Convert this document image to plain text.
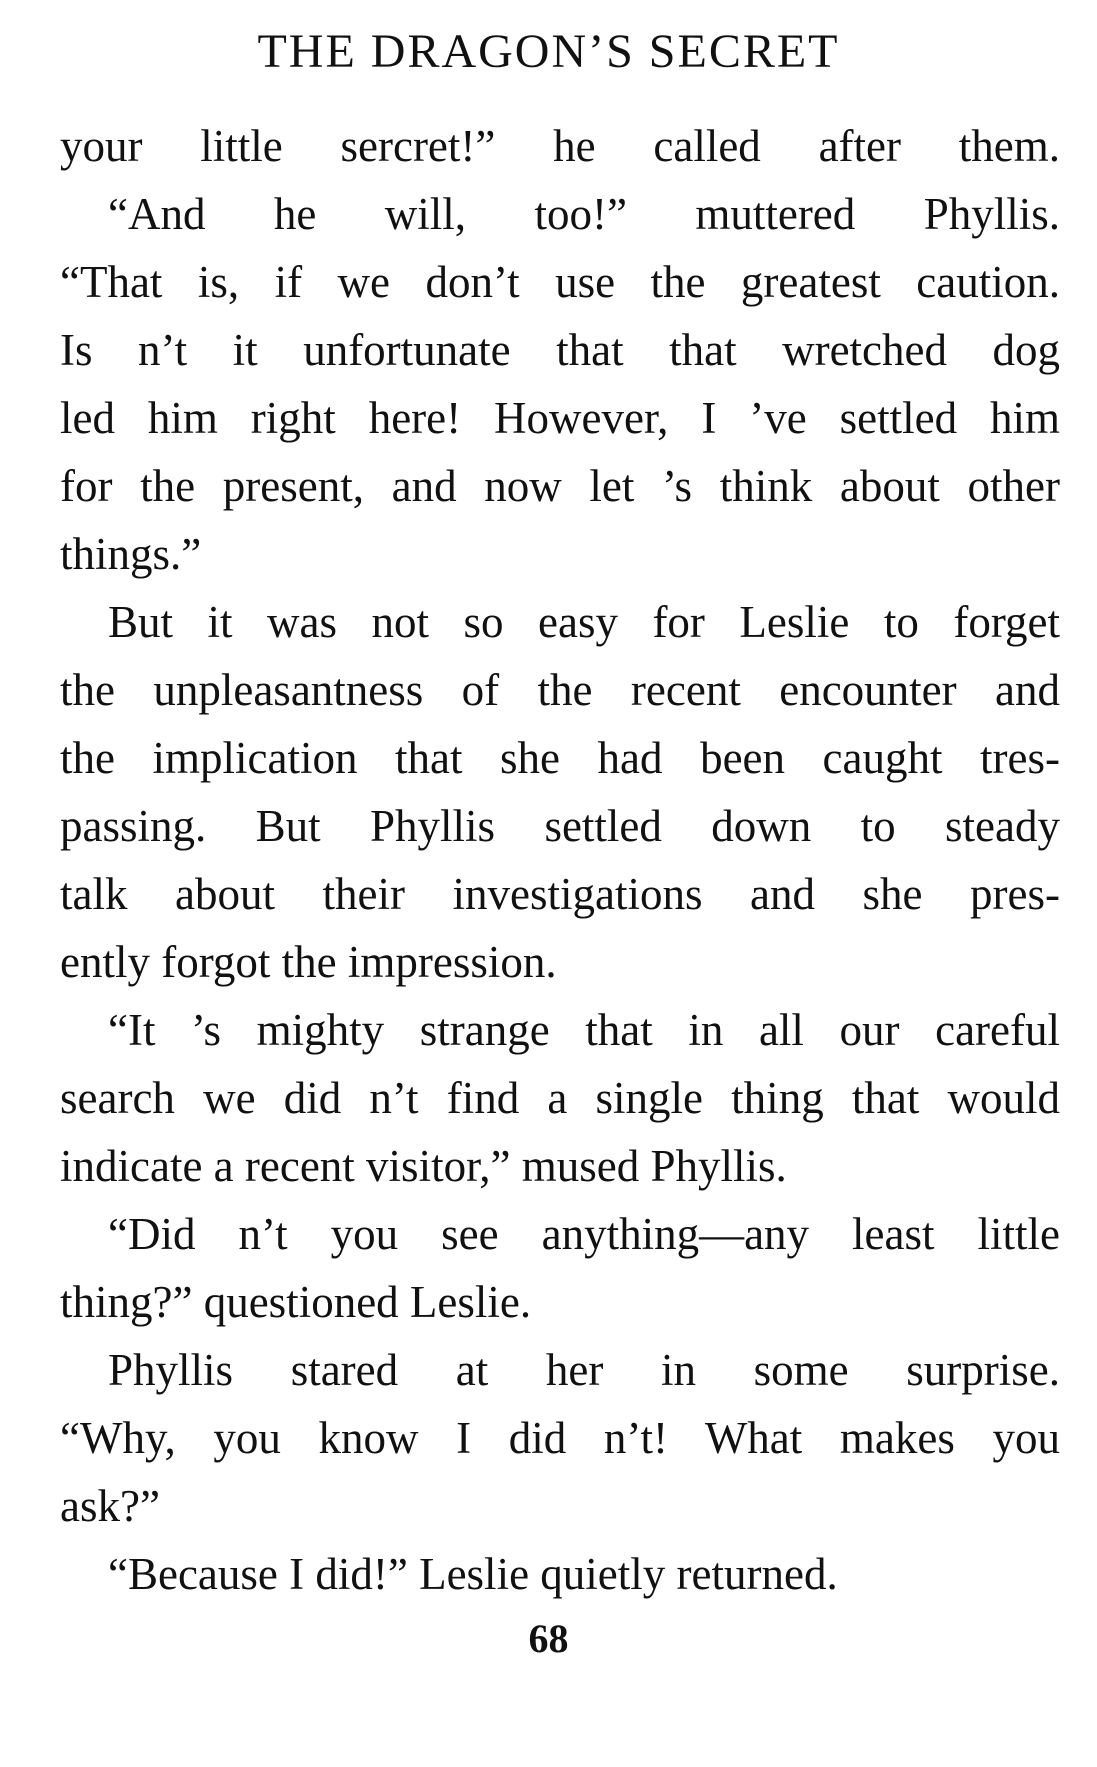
THE DRAGON’S SECRET
your little sercret!” he called after them.
“And he will, too!” muttered Phyllis.
“That is, if we don’t use the greatest caution.
Is n’t it unfortunate that that wretched dog
led him right here! However, I ’ve settled him
for the present, and now let ’s think about other
things.”
But it was not so easy for Leslie to forget
the unpleasantness of the recent encounter and
the implication that she had been caught tres-
passing. But Phyllis settled down to steady
talk about their investigations and she pres-
ently forgot the impression.
“It ’s mighty strange that in all our careful
search we did n’t find a single thing that would
indicate a recent visitor,” mused Phyllis.
“Did n’t you see anything—any least little
thing?” questioned Leslie.
Phyllis stared at her in some surprise.
“Why, you know I did n’t! What makes you
ask?”
“Because I did!” Leslie quietly returned.
68
